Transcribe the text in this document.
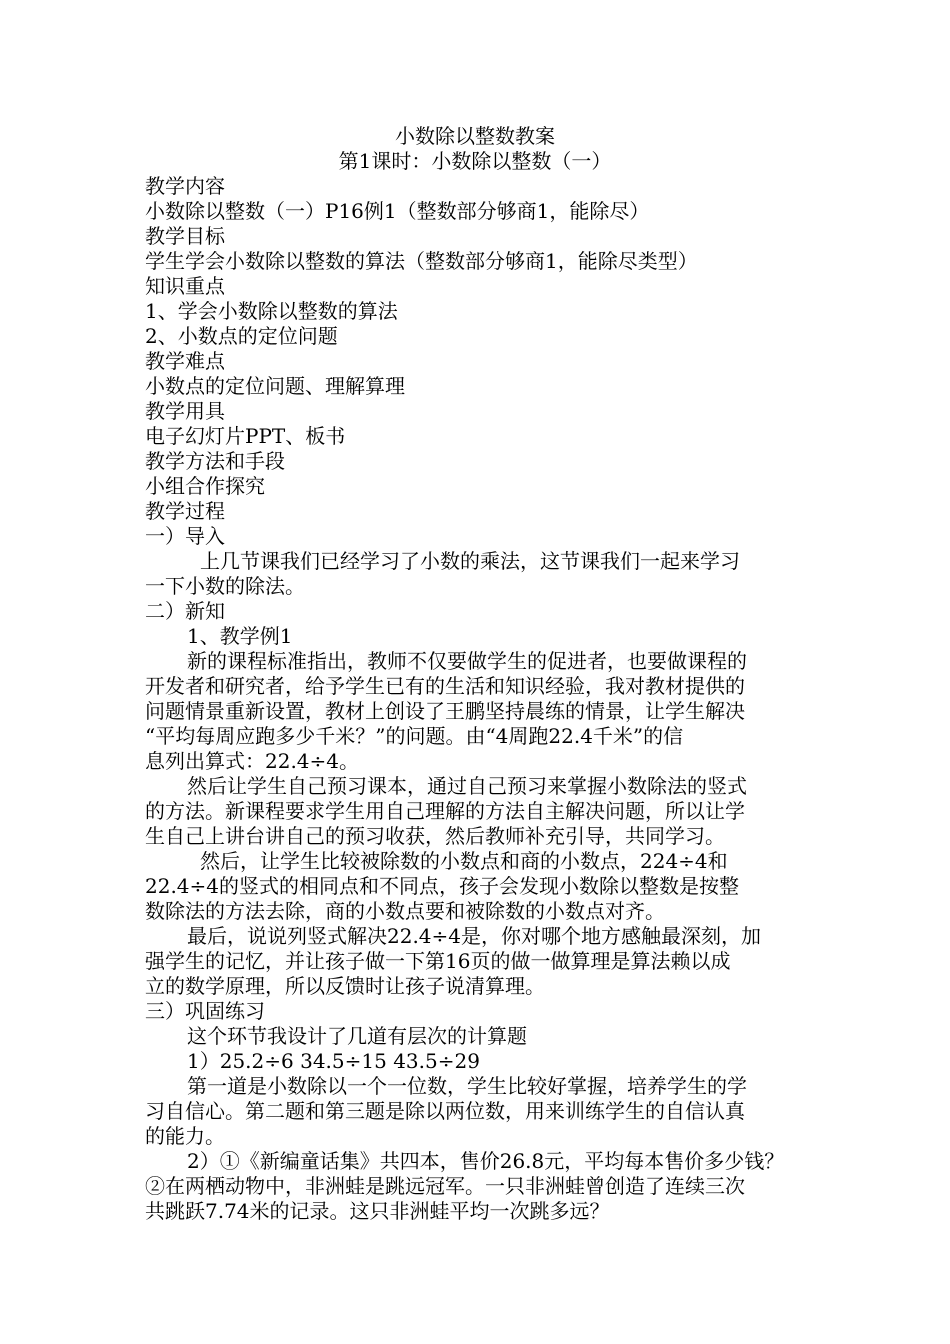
小数除以整数教案
第1课时：小数除以整数（一）
教学内容
小数除以整数（一）P16例1（整数部分够商1，能除尽）
教学目标
学生学会小数除以整数的算法（整数部分够商1，能除尽类型）
知识重点
1、学会小数除以整数的算法
2、小数点的定位问题
教学难点
小数点的定位问题、理解算理
教学用具
电子幻灯片PPT、板书
教学方法和手段
小组合作探究
教学过程
一）导入
上几节课我们已经学习了小数的乘法，这节课我们一起来学习
一下小数的除法。
二）新知
1、教学例1
新的课程标准指出，教师不仅要做学生的促进者，也要做课程的
开发者和研究者，给予学生已有的生活和知识经验，我对教材提供的
问题情景重新设置，教材上创设了王鹏坚持晨练的情景，让学生解决
“平均每周应跑多少千米？”的问题。由“4周跑22.4千米”的信
息列出算式：22.4÷4。
然后让学生自己预习课本，通过自己预习来掌握小数除法的竖式
的方法。新课程要求学生用自己理解的方法自主解决问题，所以让学
生自己上讲台讲自己的预习收获，然后教师补充引导，共同学习。
然后，让学生比较被除数的小数点和商的小数点，224÷4和
22.4÷4的竖式的相同点和不同点，孩子会发现小数除以整数是按整
数除法的方法去除，商的小数点要和被除数的小数点对齐。
最后，说说列竖式解决22.4÷4是，你对哪个地方感触最深刻，加
强学生的记忆，并让孩子做一下第16页的做一做算理是算法赖以成
立的数学原理，所以反馈时让孩子说清算理。
三）巩固练习
这个环节我设计了几道有层次的计算题
1）25.2÷6 34.5÷15 43.5÷29
第一道是小数除以一个一位数，学生比较好掌握，培养学生的学
习自信心。第二题和第三题是除以两位数，用来训练学生的自信认真
的能力。
2）①《新编童话集》共四本，售价26.8元，平均每本售价多少钱？
②在两栖动物中，非洲蛙是跳远冠军。一只非洲蛙曾创造了连续三次
共跳跃7.74米的记录。这只非洲蛙平均一次跳多远？
